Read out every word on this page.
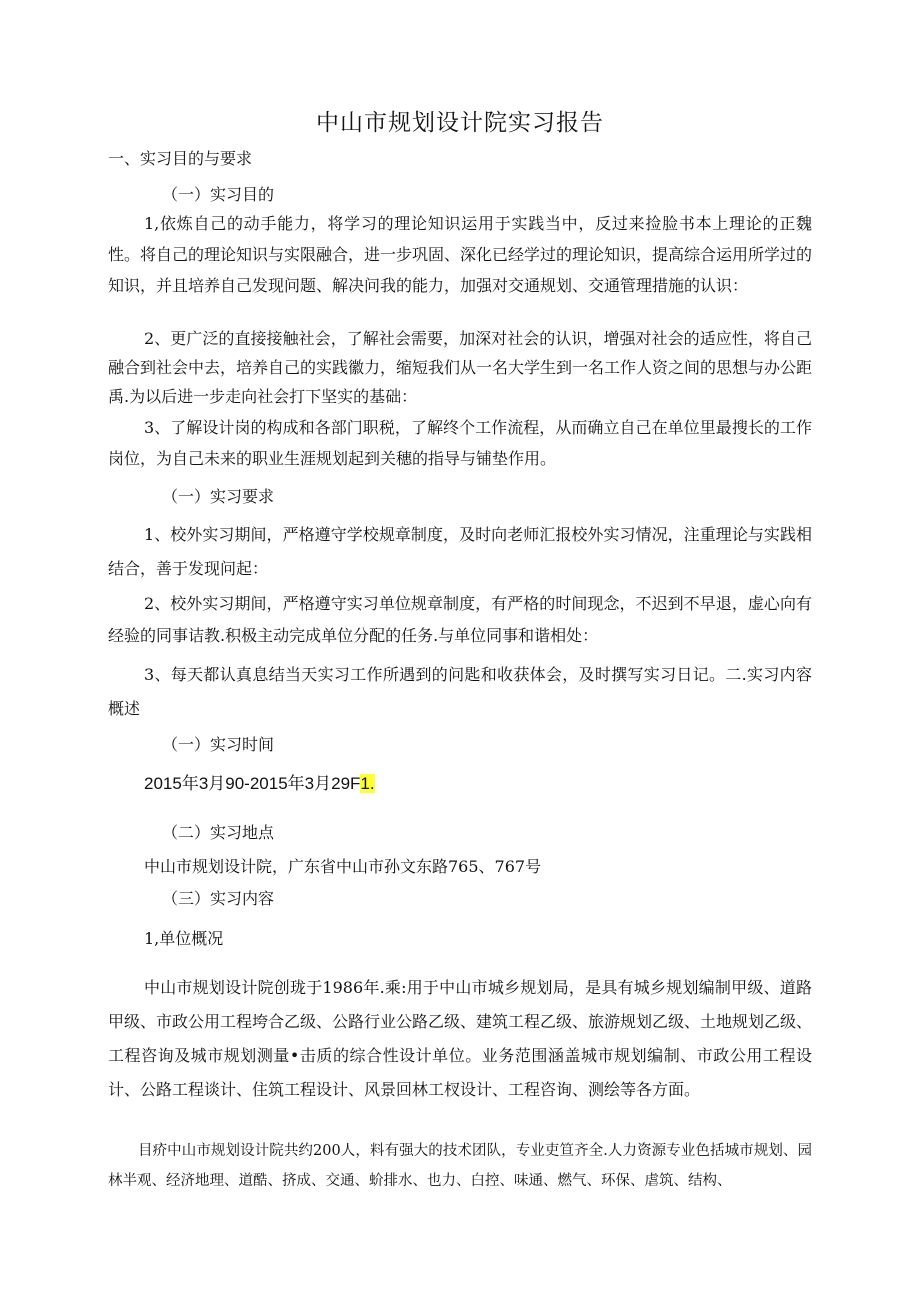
中山市规划设计院实习报告

一、实习目的与要求

（一）实习目的

1,依炼自己的动手能力，将学习的理论知识运用于实践当中，反过来捡脸书本上理论的正魏性。将自己的理论知识与实限融合，进一步巩固、深化已经学过的理论知识，提高综合运用所学过的知识，并且培养自己发现问题、解决问我的能力，加强对交通规划、交通管理措施的认识：

2、更广泛的直接接触社会，了解社会需要，加深对社会的认识，增强对社会的适应性，将自己融合到社会中去，培养自己的实践徽力，缩短我们从一名大学生到一名工作人资之间的思想与办公距禹.为以后进一步走向社会打下坚实的基础：

3、了解设计岗的构成和各部门职税，了解终个工作流程，从而确立自己在单位里最搜长的工作岗位，为自己未来的职业生涯规划起到关穗的指导与铺垫作用。

（一）实习要求

1、校外实习期间，严格遵守学校规章制度，及时向老师汇报校外实习情况，注重理论与实践相结合，善于发现问起：

2、校外实习期间，严格遵守实习单位规章制度，有严格的时间现念，不迟到不早退，虚心向有经验的同事诘教.积极主动完成单位分配的任务.与单位同事和谐相处：

3、每天都认真息结当天实习工作所遇到的问匙和收获体会，及时撰写实习日记。二.实习内容概述

（一）实习时间

2015年3月90-2015年3月29F1.

（二）实习地点

中山市规划设计院，广东省中山市孙文东路765、767号

（三）实习内容

1,单位概况

中山市规划设计院创珑于1986年.乘:用于中山市城乡规划局，是具有城乡规划编制甲级、道路甲级、市政公用工程垮合乙级、公路行业公路乙级、建筑工程乙级、旅游规划乙级、土地规划乙级、工程咨询及城市规划测量•击质的综合性设计单位。业务范围涵盖城市规划编制、市政公用工程设计、公路工程谈计、住筑工程设计、风景回林工杈设计、工程咨询、测绘等各方面。

目疥中山市规划设计院共约200人，料有强大的技术团队，专业吏笪齐全.人力资源专业色括城市规划、园林半观、经济地理、道酷、挤成、交通、蚧排水、也力、白控、味通、燃气、环保、虐筑、结构、
